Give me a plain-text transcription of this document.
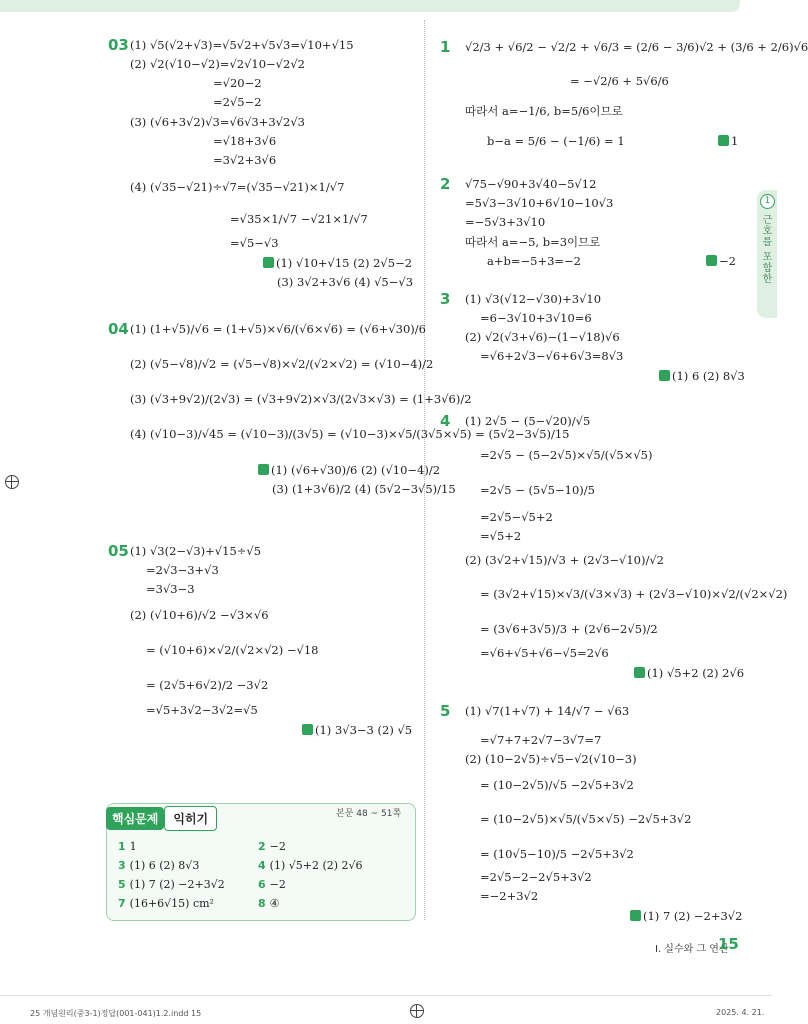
03 (1) √5(√2+√3)=√5√2+√5√3=√10+√15
(2) √2(√10−√2)=√2√10−√2√2
=√20−2
=2√5−2
(3) (√6+3√2)√3=√6√3+3√2√3
=√18+3√6
=3√2+3√6
(4) (√35−√21)÷√7=(√35−√21)×1/√7
=√35×1/√7 −√21×1/√7
=√5−√3
(1) √10+√15 (2) 2√5−2
(3) 3√2+3√6 (4) √5−√3
04 (1) (1+√5)/√6 = (1+√5)×√6/(√6×√6) = (√6+√30)/6
(2) (√5−√8)/√2 = (√5−√8)×√2/(√2×√2) = (√10−4)/2
(3) (√3+9√2)/(2√3) = (√3+9√2)×√3/(2√3×√3) = (1+3√6)/2
(4) (√10−3)/√45 = (√10−3)/(3√5) = (√10−3)×√5/(3√5×√5) = (5√2−3√5)/15
(1) (√6+√30)/6 (2) (√10−4)/2
(3) (1+3√6)/2 (4) (5√2−3√5)/15
05 (1) √3(2−√3)+√15÷√5
=2√3−3+√3
=3√3−3
(2) (√10+6)/√2 −√3×√6
= (√10+6)×√2/(√2×√2) −√18
= (2√5+6√2)/2 −3√2
=√5+3√2−3√2=√5
(1) 3√3−3 (2) √5
1 √2/3 + √6/2 − √2/2 + √6/3 = (2/6 − 3/6)√2 + (3/6 + 2/6)√6
= −√2/6 + 5√6/6
따라서 a=−1/6, b=5/6이므로
b−a = 5/6 − (−1/6) = 1	1
2 √75−√90+3√40−5√12
=5√3−3√10+6√10−10√3
=−5√3+3√10
따라서 a=−5, b=3이므로
a+b=−5+3=−2	−2
3 (1) √3(√12−√30)+3√10
=6−3√10+3√10=6
(2) √2(√3+√6)−(1−√18)√6
=√6+2√3−√6+6√3=8√3
(1) 6 (2) 8√3
4 (1) 2√5 − (5−√20)/√5
=2√5 − (5−2√5)×√5/(√5×√5)
=2√5 − (5√5−10)/5
=2√5−√5+2
=√5+2
(2) (3√2+√15)/√3 + (2√3−√10)/√2
= (3√2+√15)×√3/(√3×√3) + (2√3−√10)×√2/(√2×√2)
= (3√6+3√5)/3 + (2√6−2√5)/2
=√6+√5+√6−√5=2√6
(1) √5+2 (2) 2√6
5 (1) √7(1+√7) + 14/√7 − √63
=√7+7+2√7−3√7=7
(2) (10−2√5)÷√5−√2(√10−3)
= (10−2√5)/√5 −2√5+3√2
= (10−2√5)×√5/(√5×√5) −2√5+3√2
= (10√5−10)/5 −2√5+3√2
=2√5−2−2√5+3√2
=−2+3√2
(1) 7 (2) −2+3√2
핵심문제 익히기	본문 48 ~ 51쪽
1 1	2 −2
3 (1) 6 (2) 8√3	4 (1) √5+2 (2) 2√6
5 (1) 7 (2) −2+3√2	6 −2
7 (16+6√15) cm²	8 ④
1
근호를 포함한
Ⅰ. 실수와 그 연산
15
25 개념원리(중3-1)정답(001-041)1.2.indd 15	2025. 4. 21.
